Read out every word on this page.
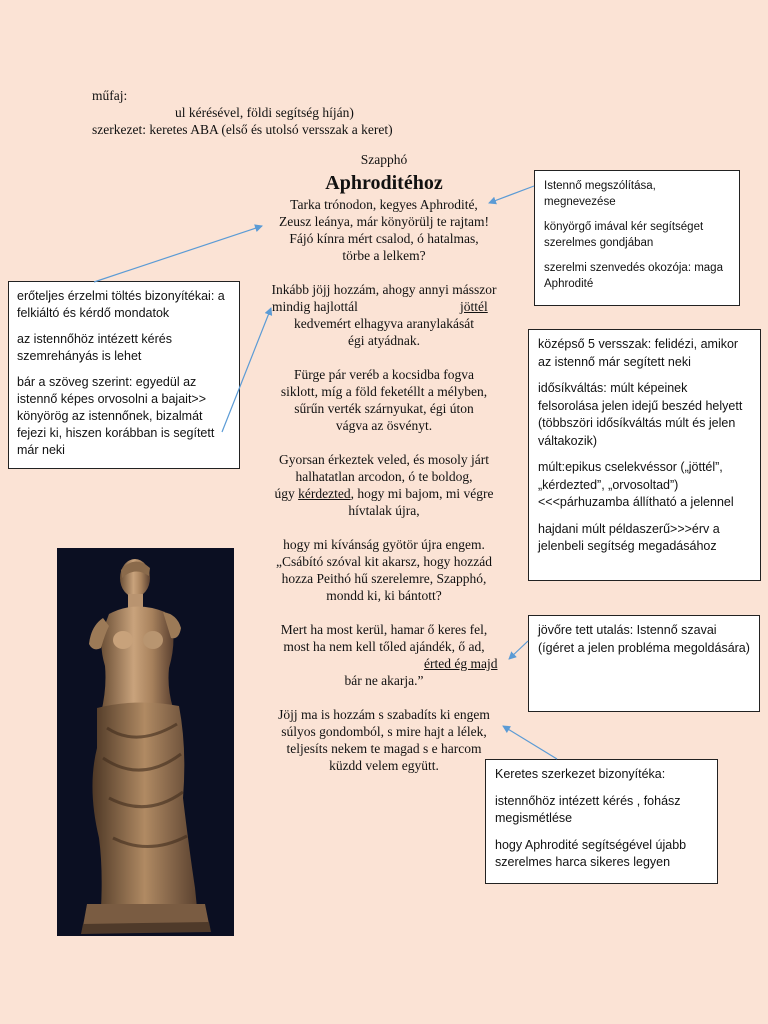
műfaj:
ul kérésével, földi segítség híján)
szerkezet: keretes ABA (első és utolsó versszak a keret)
Szapphó
Aphroditéhoz
Tarka trónodon, kegyes Aphrodité,
Zeusz leánya, már könyörülj te rajtam!
Fájó kínra mért csalod, ó hatalmas,
törbe a lelkem?
Inkább jöjj hozzám, ahogy annyi másszor
mindig hajlottál	jöttél
kedvemért elhagyva aranylakását
égi atyádnak.
Fürge pár veréb a kocsidba fogva
siklott, míg a föld feketéllt a mélyben,
sűrűn verték szárnyukat, égi úton
vágva az ösvényt.
Gyorsan érkeztek veled, és mosoly járt
halhatatlan arcodon, ó te boldog,
úgy kérdezted, hogy mi bajom, mi végre
hívtalak újra,
hogy mi kívánság gyötör újra engem.
„Csábító szóval kit akarsz, hogy hozzád
hozza Peithó hű szerelemre, Szapphó,
mondd ki, ki bántott?
Mert ha most kerül, hamar ő keres fel,
most ha nem kell tőled ajándék, ő ad,
érted ég majd
bár ne akarja.”
Jöjj ma is hozzám s szabadíts ki engem
súlyos gondomból, s mire hajt a lélek,
teljesíts nekem te magad s e harcom
küzdd velem együtt.

Istennő megszólítása, megnevezése

könyörgő imával kér segítséget szerelmes gondjában

szerelmi szenvedés okozója: maga Aphrodité

erőteljes érzelmi töltés bizonyítékai: a felkiáltó és kérdő mondatok

az istennőhöz intézett kérés szemrehányás is lehet

bár a szöveg szerint: egyedül az istennő képes orvosolni a bajait>> könyörög az istennőnek, bizalmát fejezi ki, hiszen korábban is segített már neki

középső 5 versszak: felidézi, amikor az istennő már segített neki

idősíkváltás: múlt képeinek felsorolása jelen idejű beszéd helyett (többszöri idősíkváltás múlt és jelen váltakozik)

múlt:epikus cselekvéssor („jöttél”, „kérdezted”, „orvosoltad”) <<<párhuzamba állítható a jelennel

hajdani múlt példaszerű>>>érv a jelenbeli segítség megadásához

jövőre tett utalás: Istennő szavai (ígéret a jelen probléma megoldására)

Keretes szerkezet bizonyítéka:

istennőhöz intézett kérés , fohász megismétlése

hogy Aphrodité segítségével újabb szerelmes harca sikeres legyen
